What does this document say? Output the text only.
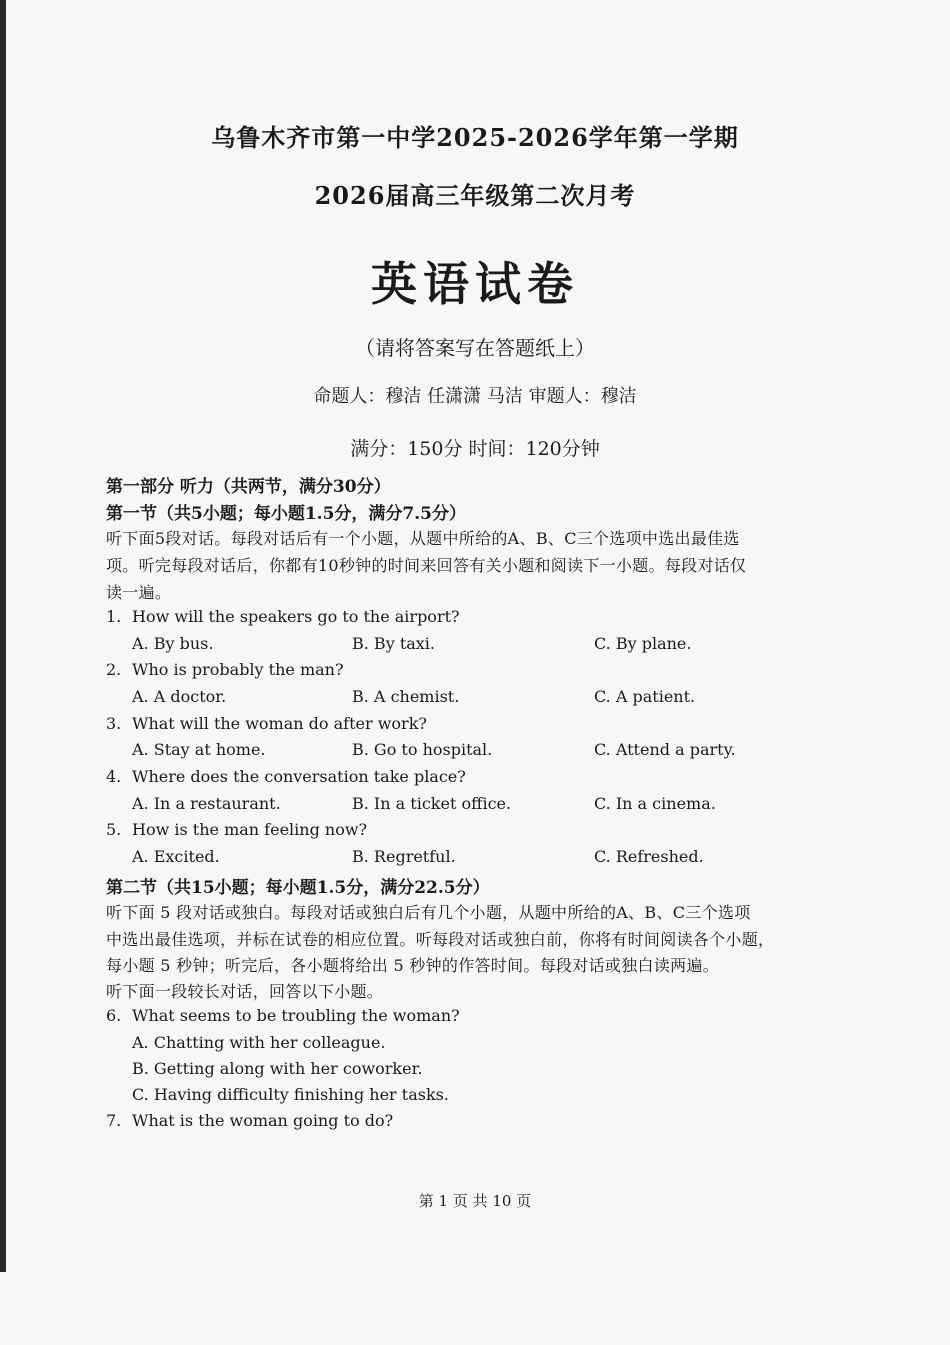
乌鲁木齐市第一中学2025-2026学年第一学期
2026届高三年级第二次月考
英语试卷
（请将答案写在答题纸上）
命题人：穆洁 任潇潇 马洁 审题人：穆洁
满分：150分 时间：120分钟
第一部分 听力（共两节，满分30分）
第一节（共5小题；每小题1.5分，满分7.5分）
听下面5段对话。每段对话后有一个小题，从题中所给的A、B、C三个选项中选出最佳选
项。听完每段对话后，你都有10秒钟的时间来回答有关小题和阅读下一小题。每段对话仅
读一遍。
1. How will the speakers go to the airport?
A. By bus.	B. By taxi.	C. By plane.
2. Who is probably the man?
A. A doctor.	B. A chemist.	C. A patient.
3. What will the woman do after work?
A. Stay at home.	B. Go to hospital.	C. Attend a party.
4. Where does the conversation take place?
A. In a restaurant.	B. In a ticket office.	C. In a cinema.
5. How is the man feeling now?
A. Excited.	B. Regretful.	C. Refreshed.
第二节（共15小题；每小题1.5分，满分22.5分）
听下面 5 段对话或独白。每段对话或独白后有几个小题，从题中所给的A、B、C三个选项
中选出最佳选项，并标在试卷的相应位置。听每段对话或独白前，你将有时间阅读各个小题，
每小题 5 秒钟；听完后，各小题将给出 5 秒钟的作答时间。每段对话或独白读两遍。
听下面一段较长对话，回答以下小题。
6. What seems to be troubling the woman?
A. Chatting with her colleague.
B. Getting along with her coworker.
C. Having difficulty finishing her tasks.
7. What is the woman going to do?
第 1 页 共 10 页
